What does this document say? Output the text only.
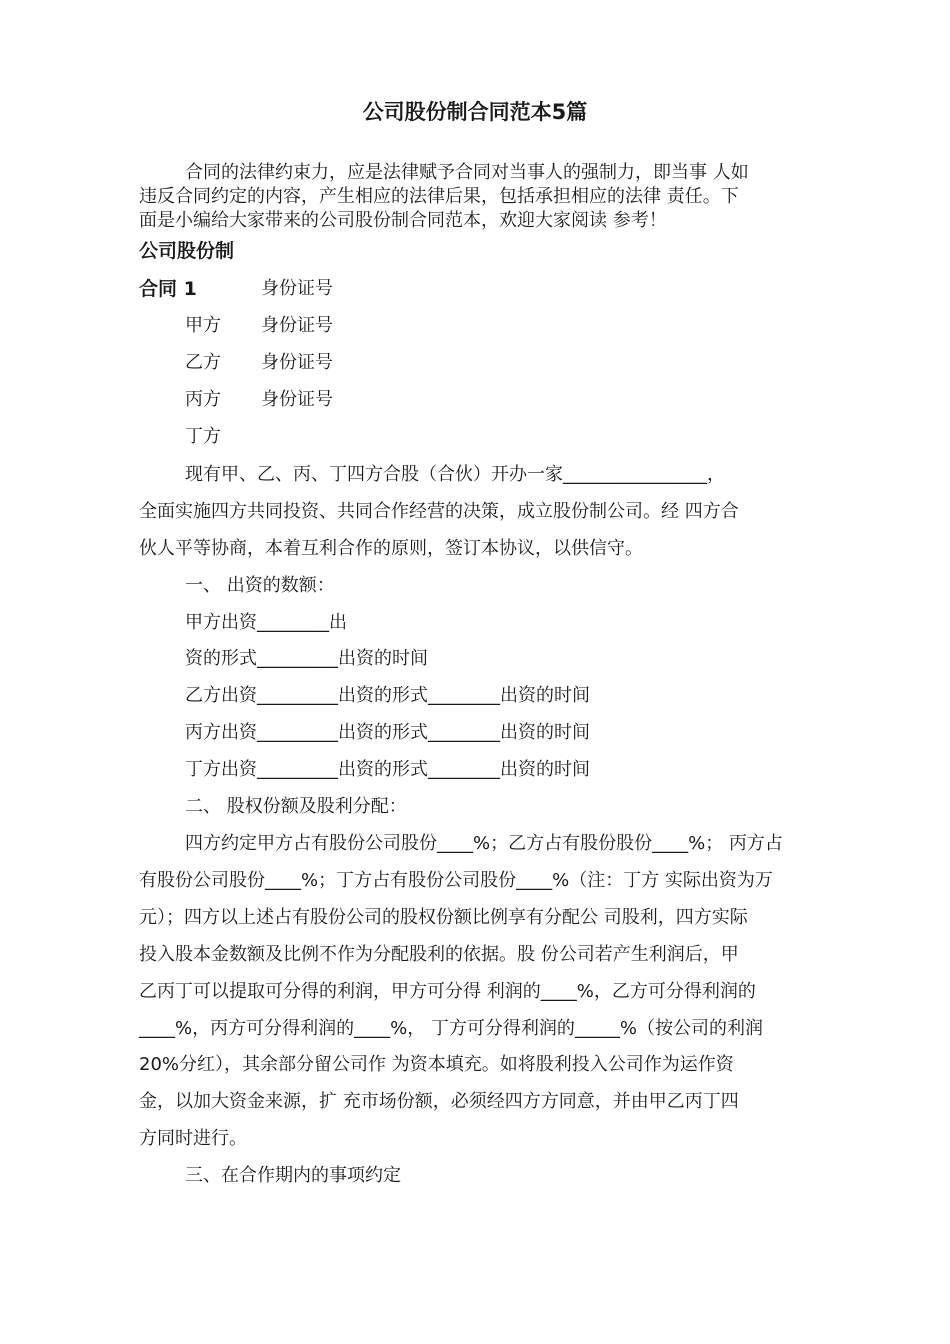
公司股份制合同范本5篇
合同的法律约束力，应是法律赋予合同对当事人的强制力，即当事 人如
违反合同约定的内容，产生相应的法律后果，包括承担相应的法律 责任。下
面是小编给大家带来的公司股份制合同范本，欢迎大家阅读 参考！
公司股份制
合同 1	身份证号
甲方 身份证号
乙方 身份证号
丙方 身份证号
丁方
现有甲、乙、丙、丁四方合股（合伙）开办一家________________，
全面实施四方共同投资、共同合作经营的决策，成立股份制公司。经 四方合
伙人平等协商，本着互利合作的原则，签订本协议，以供信守。
一、 出资的数额：
甲方出资________出
资的形式_________出资的时间
乙方出资_________出资的形式________出资的时间
丙方出资_________出资的形式________出资的时间
丁方出资_________出资的形式________出资的时间
二、 股权份额及股利分配：
四方约定甲方占有股份公司股份____%；乙方占有股份股份____%； 丙方占
有股份公司股份____%；丁方占有股份公司股份____%（注：丁方 实际出资为万
元）；四方以上述占有股份公司的股权份额比例享有分配公 司股利，四方实际
投入股本金数额及比例不作为分配股利的依据。股 份公司若产生利润后，甲
乙丙丁可以提取可分得的利润，甲方可分得 利润的____%，乙方可分得利润的
____%，丙方可分得利润的____%， 丁方可分得利润的_____%（按公司的利润
20%分红），其余部分留公司作 为资本填充。如将股利投入公司作为运作资
金，以加大资金来源，扩 充市场份额，必须经四方方同意，并由甲乙丙丁四
方同时进行。
三、在合作期内的事项约定
